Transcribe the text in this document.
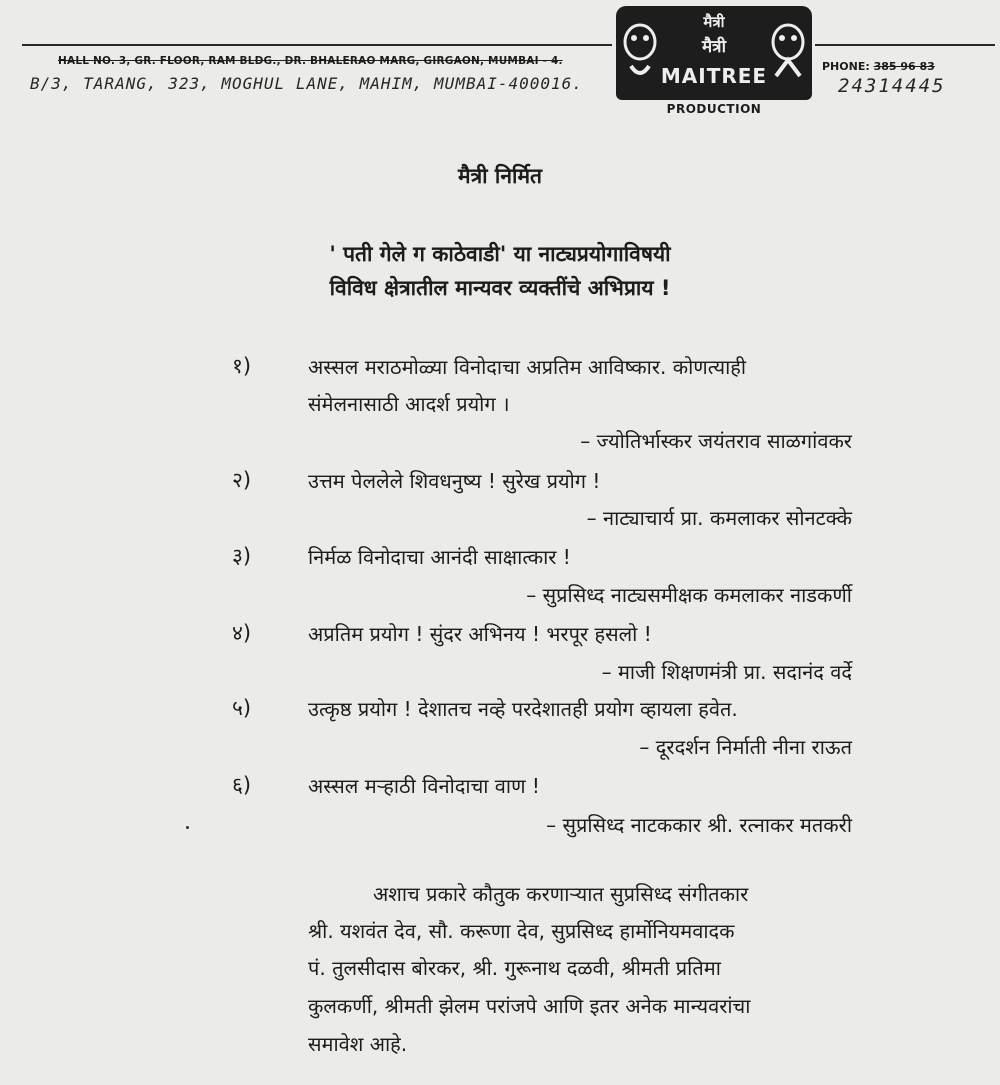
HALL NO. 3, GR. FLOOR, RAM BLDG., DR. BHALERAO MARG, GIRGAON, MUMBAI - 4.
B/3, TARANG, 323, MOGHUL LANE, MAHIM, MUMBAI-400016.
मैत्री
मैत्री
MAITREE
PRODUCTION
PHONE: 385 96 83
24314445
मैत्री निर्मित
' पती गेले ग काठेवाडी' या नाट्यप्रयोगाविषयी
विविध क्षेत्रातील मान्यवर व्यक्तींचे अभिप्राय !
१)	अस्सल मराठमोळ्या विनोदाचा अप्रतिम आविष्कार. कोणत्याही
संमेलनासाठी आदर्श प्रयोग ।
– ज्योतिर्भास्कर जयंतराव साळगांवकर
२)	उत्तम पेललेले शिवधनुष्य ! सुरेख प्रयोग !
– नाट्याचार्य प्रा. कमलाकर सोनटक्के
३)	निर्मळ विनोदाचा आनंदी साक्षात्कार !
– सुप्रसिध्द नाट्यसमीक्षक कमलाकर नाडकर्णी
४)	अप्रतिम प्रयोग ! सुंदर अभिनय ! भरपूर हसलो !
– माजी शिक्षणमंत्री प्रा. सदानंद वर्दे
५)	उत्कृष्ठ प्रयोग ! देशातच नव्हे परदेशातही प्रयोग व्हायला हवेत.
– दूरदर्शन निर्माती नीना राऊत
६)	अस्सल मऱ्हाठी विनोदाचा वाण !
– सुप्रसिध्द नाटककार श्री. रत्नाकर मतकरी
अशाच प्रकारे कौतुक करणाऱ्यात सुप्रसिध्द संगीतकार
श्री. यशवंत देव, सौ. करूणा देव, सुप्रसिध्द हार्मोनियमवादक
पं. तुलसीदास बोरकर, श्री. गुरूनाथ दळवी, श्रीमती प्रतिमा
कुलकर्णी, श्रीमती झेलम परांजपे आणि इतर अनेक मान्यवरांचा
समावेश आहे.
